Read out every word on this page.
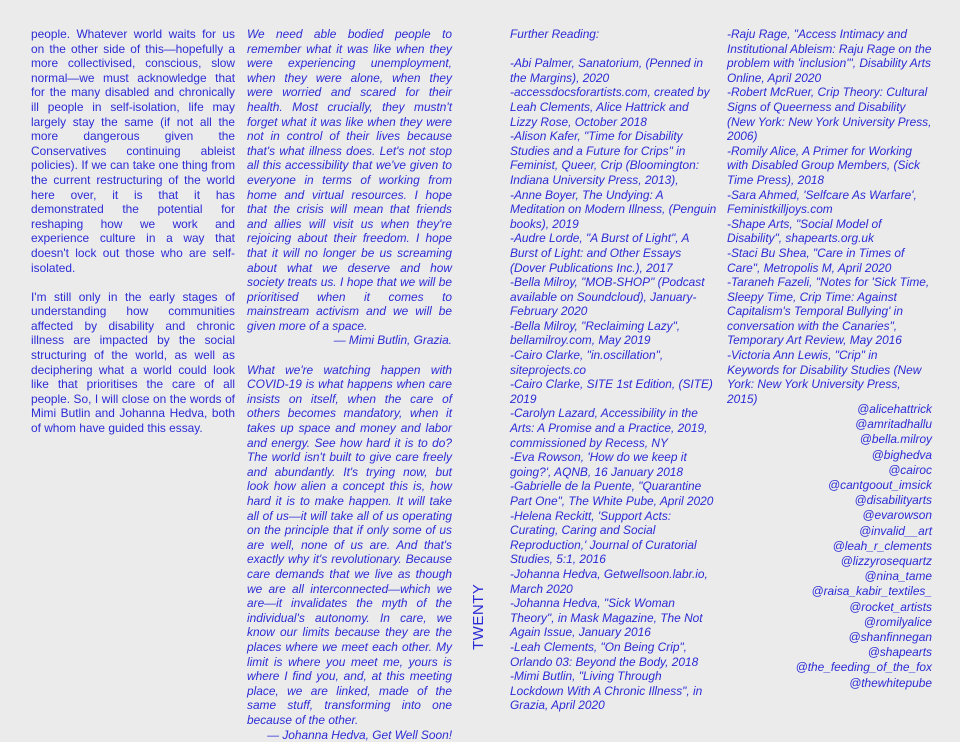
people. Whatever world waits for us on the other side of this—hopefully a more collectivised, conscious, slow normal—we must acknowledge that for the many disabled and chronically ill people in self-isolation, life may largely stay the same (if not all the more dangerous given the Conservatives continuing ableist policies). If we can take one thing from the current restructuring of the world here over, it is that it has demonstrated the potential for reshaping how we work and experience culture in a way that doesn't lock out those who are self-isolated.

I'm still only in the early stages of understanding how communities affected by disability and chronic illness are impacted by the social structuring of the world, as well as deciphering what a world could look like that prioritises the care of all people. So, I will close on the words of Mimi Butlin and Johanna Hedva, both of whom have guided this essay.

We need able bodied people to remember what it was like when they were experiencing unemployment, when they were alone, when they were worried and scared for their health. Most crucially, they mustn't forget what it was like when they were not in control of their lives because that's what illness does. Let's not stop all this accessibility that we've given to everyone in terms of working from home and virtual resources. I hope that the crisis will mean that friends and allies will visit us when they're rejoicing about their freedom. I hope that it will no longer be us screaming about what we deserve and how society treats us. I hope that we will be prioritised when it comes to mainstream activism and we will be given more of a space.
— Mimi Butlin, Grazia.
What we're watching happen with COVID-19 is what happens when care insists on itself, when the care of others becomes mandatory, when it takes up space and money and labor and energy. See how hard it is to do? The world isn't built to give care freely and abundantly. It's trying now, but look how alien a concept this is, how hard it is to make happen. It will take all of us—it will take all of us operating on the principle that if only some of us are well, none of us are. And that's exactly why it's revolutionary. Because care demands that we live as though we are all interconnected—which we are—it invalidates the myth of the individual's autonomy. In care, we know our limits because they are the places where we meet each other. My limit is where you meet me, yours is where I find you, and, at this meeting place, we are linked, made of the same stuff, transforming into one because of the other.
— Johanna Hedva, Get Well Soon!
Further Reading:
-Abi Palmer, Sanatorium, (Penned in the Margins), 2020
-accessdocsforartists.com, created by Leah Clements, Alice Hattrick and Lizzy Rose, October 2018
-Alison Kafer, "Time for Disability Studies and a Future for Crips" in Feminist, Queer, Crip (Bloomington: Indiana University Press, 2013),
-Anne Boyer, The Undying: A Meditation on Modern Illness, (Penguin books), 2019
-Audre Lorde, "A Burst of Light", A Burst of Light: and Other Essays (Dover Publications Inc.), 2017
-Bella Milroy, "MOB-SHOP" (Podcast available on Soundcloud), January-February 2020
-Bella Milroy, "Reclaiming Lazy", bellamilroy.com, May 2019
-Cairo Clarke, "in.oscillation", siteprojects.co
-Cairo Clarke, SITE 1st Edition, (SITE) 2019
-Carolyn Lazard, Accessibility in the Arts: A Promise and a Practice, 2019, commissioned by Recess, NY
-Eva Rowson, 'How do we keep it going?', AQNB, 16 January 2018
-Gabrielle de la Puente, "Quarantine Part One", The White Pube, April 2020
-Helena Reckitt, 'Support Acts: Curating, Caring and Social Reproduction,' Journal of Curatorial Studies, 5:1, 2016
-Johanna Hedva, Getwellsoon.labr.io, March 2020
-Johanna Hedva, "Sick Woman Theory", in Mask Magazine, The Not Again Issue, January 2016
-Leah Clements, "On Being Crip", Orlando 03: Beyond the Body, 2018
-Mimi Butlin, "Living Through Lockdown With A Chronic Illness", in Grazia, April 2020
-Raju Rage, "Access Intimacy and Institutional Ableism: Raju Rage on the problem with 'inclusion'", Disability Arts Online, April 2020
-Robert McRuer, Crip Theory: Cultural Signs of Queerness and Disability (New York: New York University Press, 2006)
-Romily Alice, A Primer for Working with Disabled Group Members, (Sick Time Press), 2018
-Sara Ahmed, 'Selfcare As Warfare', Feministkilljoys.com
-Shape Arts, "Social Model of Disability", shapearts.org.uk
-Staci Bu Shea, "Care in Times of Care", Metropolis M, April 2020
-Taraneh Fazeli, "Notes for 'Sick Time, Sleepy Time, Crip Time: Against Capitalism's Temporal Bullying' in conversation with the Canaries", Temporary Art Review, May 2016
-Victoria Ann Lewis, "Crip" in Keywords for Disability Studies (New York: New York University Press, 2015)
@alicehattrick
@amritadhallu
@bella.milroy
@bighedva
@cairoc
@cantgoout_imsick
@disabilityarts
@evarowson
@invalid__art
@leah_r_clements
@lizzyrosequartz
@nina_tame
@raisa_kabir_textiles_
@rocket_artists
@romilyalice
@shanfinnegan
@shapearts
@the_feeding_of_the_fox
@thewhitepube
TWENTY
